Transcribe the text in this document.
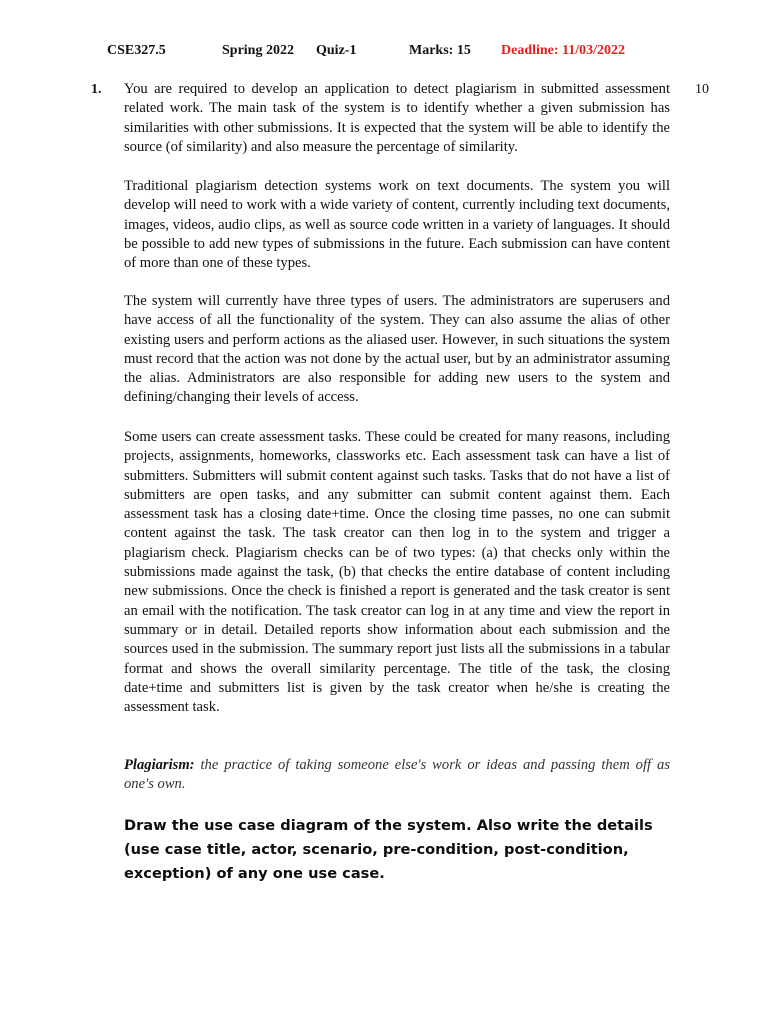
CSE327.5	Spring 2022 Quiz-1	Marks: 15 Deadline: 11/03/2022
1.	10

You are required to develop an application to detect plagiarism in submitted assessment related work. The main task of the system is to identify whether a given submission has similarities with other submissions. It is expected that the system will be able to identify the source (of similarity) and also measure the percentage of similarity.

Traditional plagiarism detection systems work on text documents. The system you will develop will need to work with a wide variety of content, currently including text documents, images, videos, audio clips, as well as source code written in a variety of languages. It should be possible to add new types of submissions in the future. Each submission can have content of more than one of these types.

The system will currently have three types of users. The administrators are superusers and have access of all the functionality of the system. They can also assume the alias of other existing users and perform actions as the aliased user. However, in such situations the system must record that the action was not done by the actual user, but by an administrator assuming the alias. Administrators are also responsible for adding new users to the system and defining/changing their levels of access.

Some users can create assessment tasks. These could be created for many reasons, including projects, assignments, homeworks, classworks etc. Each assessment task can have a list of submitters. Submitters will submit content against such tasks. Tasks that do not have a list of submitters are open tasks, and any submitter can submit content against them. Each assessment task has a closing date+time. Once the closing time passes, no one can submit content against the task. The task creator can then log in to the system and trigger a plagiarism check. Plagiarism checks can be of two types: (a) that checks only within the submissions made against the task, (b) that checks the entire database of content including new submissions. Once the check is finished a report is generated and the task creator is sent an email with the notification. The task creator can log in at any time and view the report in summary or in detail. Detailed reports show information about each submission and the sources used in the submission. The summary report just lists all the submissions in a tabular format and shows the overall similarity percentage. The title of the task, the closing date+time and submitters list is given by the task creator when he/she is creating the assessment task.

Plagiarism: the practice of taking someone else's work or ideas and passing them off as one's own.

Draw the use case diagram of the system. Also write the details (use case title, actor, scenario, pre-condition, post-condition, exception) of any one use case.
